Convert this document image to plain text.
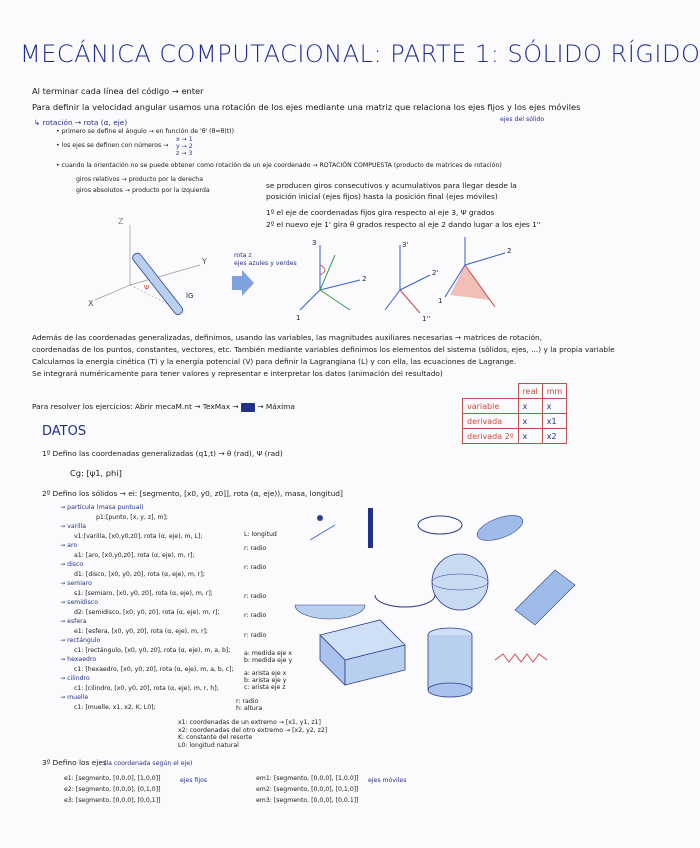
MECÁNICA COMPUTACIONAL: PARTE 1: SÓLIDO RÍGIDO
Al terminar cada línea del código → enter
Para definir la velocidad angular usamos una rotación de los ejes mediante una matriz que relaciona los ejes fijos y los ejes móviles
ejes del sólido
↳ rotación → rota (α, eje)
• primero se define el ángulo → en función de 'θ' (θ=θ(t))
• los ejes se definen con números →
x → 1
y → 2
z → 3
• cuando la orientación no se puede obtener como rotación de un eje coordenado → ROTACIÓN COMPUESTA (producto de matrices de rotación)
giros relativos → producto por la derecha
giros absolutos → producto por la izquierda
se producen giros consecutivos y acumulativos para llegar desde la
posición inicial (ejes fijos) hasta la posición final (ejes móviles)
1º el eje de coordenadas fijos gira respecto al eje 3, Ψ grados
2º el nuevo eje 1' gira θ grados respecto al eje 2 dando lugar a los ejes 1''
Z
Y
X
Ψ
lG
rota z
ejes azules y verdes
3
2
1
3'
2'
1''
1
2
Además de las coordenadas generalizadas, definimos, usando las variables, las magnitudes auxiliares necesarias → matrices de rotación,
coordenadas de los puntos, constantes, vectores, etc. También mediante variables definimos los elementos del sistema (sólidos, ejes, ...) y la propia variable
Calculamos la energía cinética (T) y la energía potencial (V) para definir la Lagrangiana (L) y con ella, las ecuaciones de Lagrange.
Se integrará numéricamente para tener valores y representar e interpretar los datos (animación del resultado)
Para resolver los ejercicios: Abrir mecaM.nt → TexMax →  → Máxima
	real	mm
variable	x	x
derivada	x	x1
derivada 2º	x	x2
DATOS
1º Defino las coordenadas generalizadas (q1,t) → θ (rad), Ψ (rad)
Cg: [ψ1, phi]
2º Defino los sólidos → ei: [segmento, [x0, y0, z0]], rota (α, eje)), masa, longitud]
→ partícula (masa puntual)
p1:[punto, [x, y, z], m];
→ varilla
v1:[varilla, [x0,y0,z0], rota (α, eje), m, L];
→ aro
a1: [aro, [x0,y0,z0], rota (α, eje), m, r];
→ disco
d1: [disco, [x0, y0, z0], rota (α, eje), m, r];
→ semiaro
s1: [semiaro, [x0, y0, z0], rota (α, eje), m, r];
→ semidisco
d2: [semidisco, [x0, y0, z0], rota (α, eje), m, r];
→ esfera
e1: [esfera, [x0, y0, z0], rota (α, eje), m, r];
→ rectángulo
c1: [rectángulo, [x0, y0, z0], rota (α, eje), m, a, b];
→ hexaedro
c1: [hexaedro, [x0, y0, z0], rota (α, eje), m, a, b, c];
→ cilindro
c1: [cilindro, [x0, y0, z0], rota (α, eje), m, r, h];
→ muelle
c1: [muelle, x1, x2, K, L0];
L: longitud
r: radio
r: radio
r: radio
r: radio
r: radio
a: medida eje x
b: medida eje y
a: arista eje x
b: arista eje y
c: arista eje z
r: radio
h: altura
x1: coordenadas de un extremo → [x1, y1, z1]
x2: coordenadas del otro extremo → [x2, y2, z2]
K: constante del resorte
L0: longitud natural
3º Defino los ejes
(la coordenada según el eje)
e1: [segmento, [0,0,0], [1,0,0]]
e2: [segmento, [0,0,0], [0,1,0]]
e3: [segmento, [0,0,0], [0,0,1]]
ejes fijos	em1: [segmento, [0,0,0], [1,0,0]]
em2: [segmento, [0,0,0], [0,1,0]]
em3: [segmento, [0,0,0], [0,0,1]]
ejes móviles
